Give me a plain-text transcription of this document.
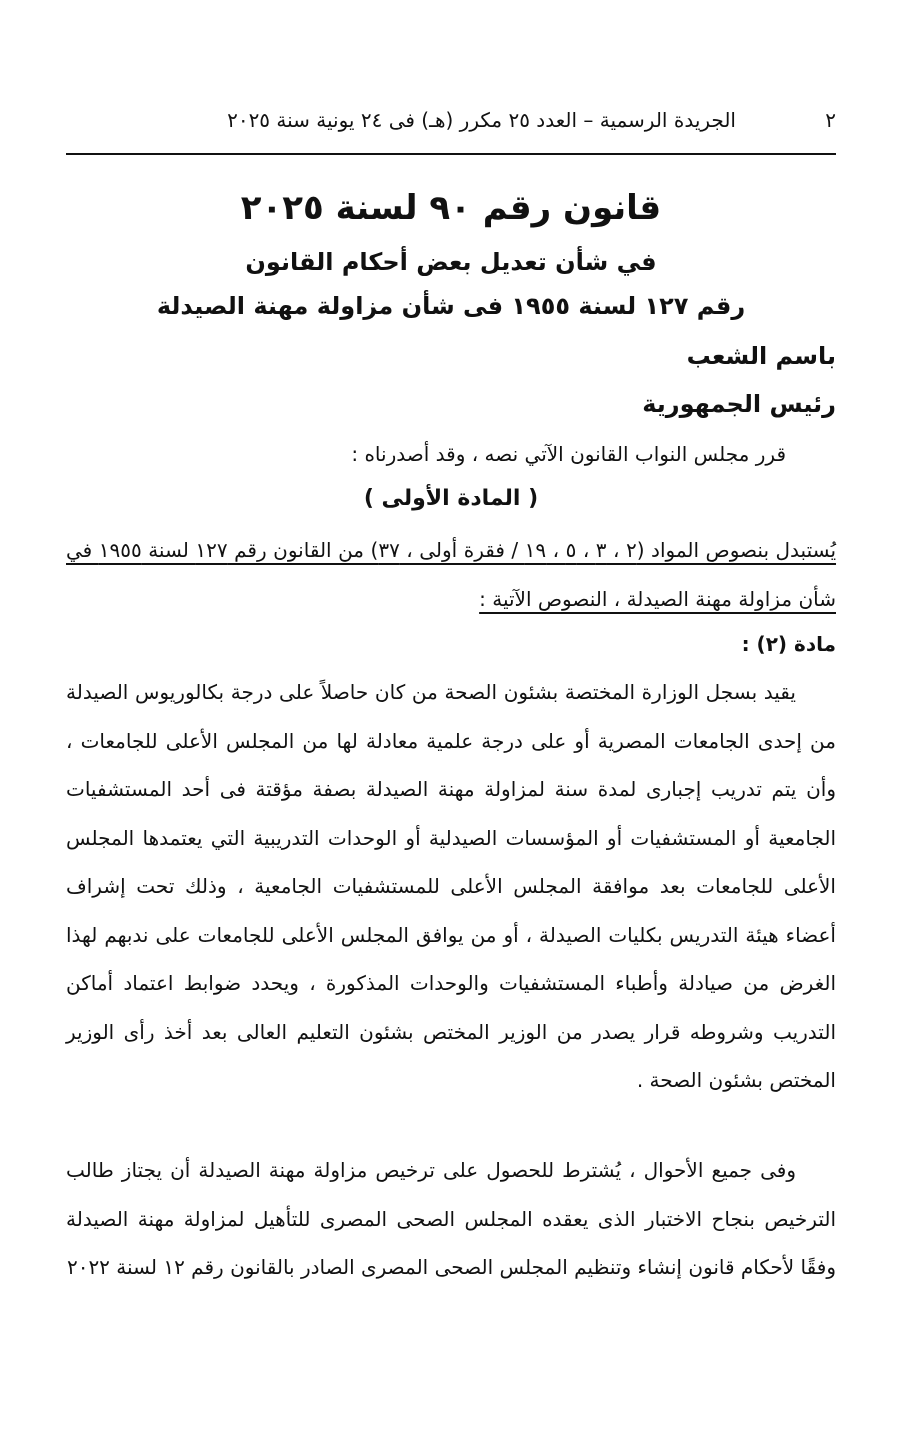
٢
الجريدة الرسمية – العدد ٢٥ مكرر (هـ) فى ٢٤ يونية سنة ٢٠٢٥
قانون رقم ٩٠ لسنة ٢٠٢٥
في شأن تعديل بعض أحكام القانون
رقم ١٢٧ لسنة ١٩٥٥ فى شأن مزاولة مهنة الصيدلة
باسم الشعب
رئيس الجمهورية
قرر مجلس النواب القانون الآتي نصه ، وقد أصدرناه :
( المادة الأولى )
يُستبدل بنصوص المواد (٢ ، ٣ ، ٥ ، ١٩ / فقرة أولى ، ٣٧) من القانون رقم ١٢٧ لسنة ١٩٥٥ في شأن مزاولة مهنة الصيدلة ، النصوص الآتية :
مادة (٢) :
يقيد بسجل الوزارة المختصة بشئون الصحة من كان حاصلاً على درجة بكالوريوس الصيدلة من إحدى الجامعات المصرية أو على درجة علمية معادلة لها من المجلس الأعلى للجامعات ، وأن يتم تدريب إجبارى لمدة سنة لمزاولة مهنة الصيدلة بصفة مؤقتة فى أحد المستشفيات الجامعية أو المستشفيات أو المؤسسات الصيدلية أو الوحدات التدريبية التي يعتمدها المجلس الأعلى للجامعات بعد موافقة المجلس الأعلى للمستشفيات الجامعية ، وذلك تحت إشراف أعضاء هيئة التدريس بكليات الصيدلة ، أو من يوافق المجلس الأعلى للجامعات على ندبهم لهذا الغرض من صيادلة وأطباء المستشفيات والوحدات المذكورة ، ويحدد ضوابط اعتماد أماكن التدريب وشروطه قرار يصدر من الوزير المختص بشئون التعليم العالى بعد أخذ رأى الوزير المختص بشئون الصحة .
وفى جميع الأحوال ، يُشترط للحصول على ترخيص مزاولة مهنة الصيدلة أن يجتاز طالب الترخيص بنجاح الاختبار الذى يعقده المجلس الصحى المصرى للتأهيل لمزاولة مهنة الصيدلة وفقًا لأحكام قانون إنشاء وتنظيم المجلس الصحى المصرى الصادر بالقانون رقم ١٢ لسنة ٢٠٢٢
